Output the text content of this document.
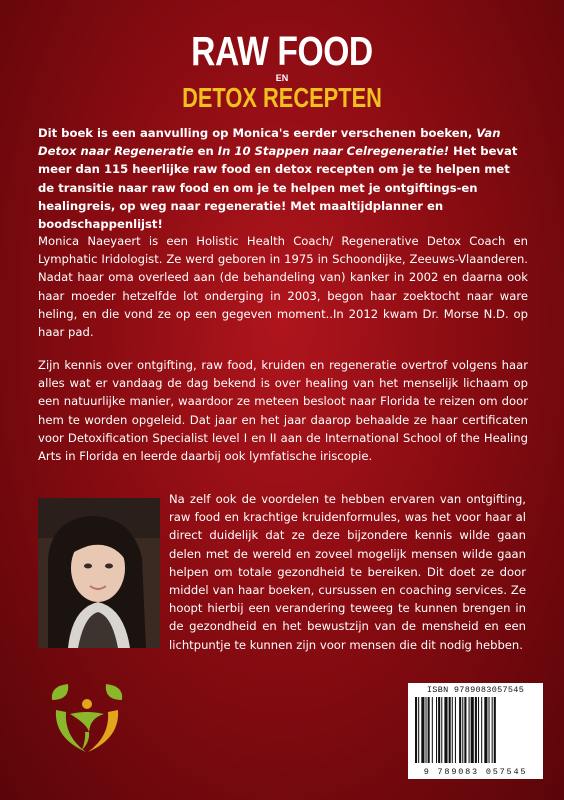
RAW FOOD
EN
DETOX RECEPTEN
Dit boek is een aanvulling op Monica's eerder verschenen boeken, Van Detox naar Regeneratie en In 10 Stappen naar Celregeneratie! Het bevat meer dan 115 heerlijke raw food en detox recepten om je te helpen met de transitie naar raw food en om je te helpen met je ontgiftings-en healingreis, op weg naar regeneratie! Met maaltijdplanner en boodschappenlijst!
Monica Naeyaert is een Holistic Health Coach/ Regenerative Detox Coach en Lymphatic Iridologist. Ze werd geboren in 1975 in Schoondijke, Zeeuws-Vlaanderen. Nadat haar oma overleed aan (de behandeling van) kanker in 2002 en daarna ook haar moeder hetzelfde lot onderging in 2003, begon haar zoektocht naar ware heling, en die vond ze op een gegeven moment..In 2012 kwam Dr. Morse N.D. op haar pad.
Zijn kennis over ontgifting, raw food, kruiden en regeneratie overtrof volgens haar alles wat er vandaag de dag bekend is over healing van het menselijk lichaam op een natuurlijke manier, waardoor ze meteen besloot naar Florida te reizen om door hem te worden opgeleid. Dat jaar en het jaar daarop behaalde ze haar certificaten voor Detoxification Specialist level I en II aan de International School of the Healing Arts in Florida en leerde daarbij ook lymfatische iriscopie.
Na zelf ook de voordelen te hebben ervaren van ontgifting, raw food en krachtige kruidenformules, was het voor haar al direct duidelijk dat ze deze bijzondere kennis wilde gaan delen met de wereld en zoveel mogelijk mensen wilde gaan helpen om totale gezondheid te bereiken. Dit doet ze door middel van haar boeken, cursussen en coaching services. Ze hoopt hierbij een verandering teweeg te kunnen brengen in de gezondheid en het bewustzijn van de mensheid en een lichtpuntje te kunnen zijn voor mensen die dit nodig hebben.
ISBN 9789083057545
9 789083 057545
